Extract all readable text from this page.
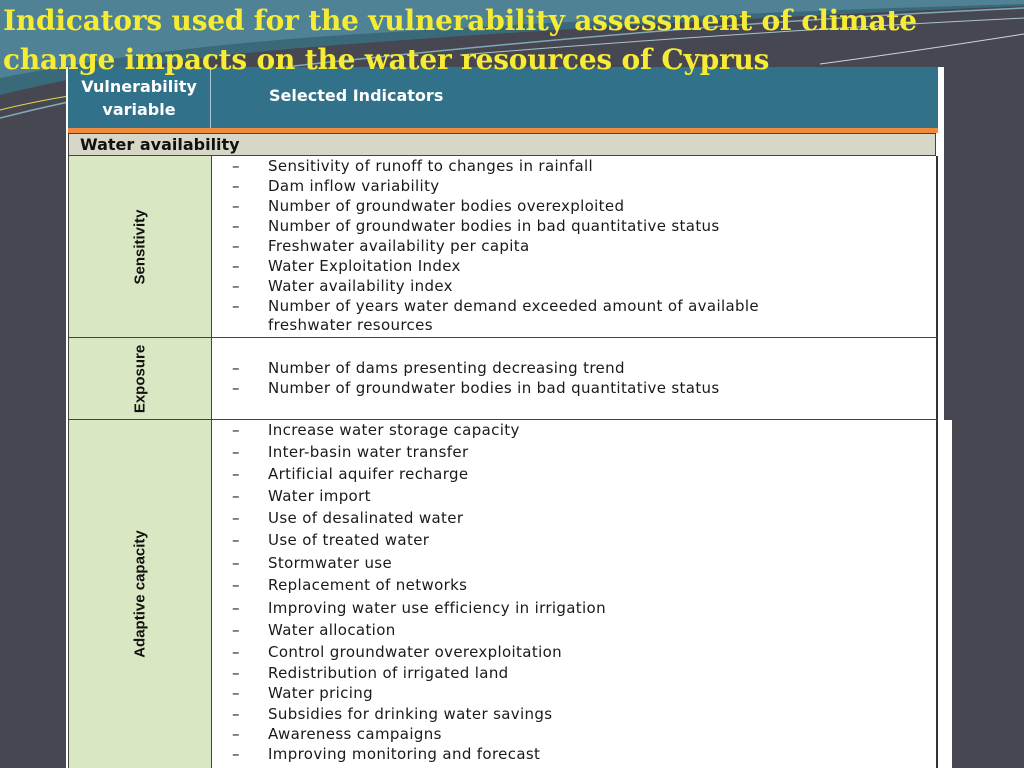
Indicators used for the vulnerability assessment of climate change impacts on the water resources of Cyprus
Vulnerability
variable
Selected Indicators
Water availability
Sensitivity
– Sensitivity of runoff to changes in rainfall
– Dam inflow variability
– Number of groundwater bodies overexploited
– Number of groundwater bodies in bad quantitative status
– Freshwater availability per capita
– Water Exploitation Index
– Water availability index
– Number of years water demand exceeded amount of available
freshwater resources
Exposure	– Number of dams presenting decreasing trend
– Number of groundwater bodies in bad quantitative status
Adaptive capacity
– Increase water storage capacity
– Inter-basin water transfer
– Artificial aquifer recharge
– Water import
– Use of desalinated water
– Use of treated water
– Stormwater use
– Replacement of networks
– Improving water use efficiency in irrigation
– Water allocation
– Control groundwater overexploitation
– Redistribution of irrigated land
– Water pricing
– Subsidies for drinking water savings
– Awareness campaigns
– Improving monitoring and forecast
